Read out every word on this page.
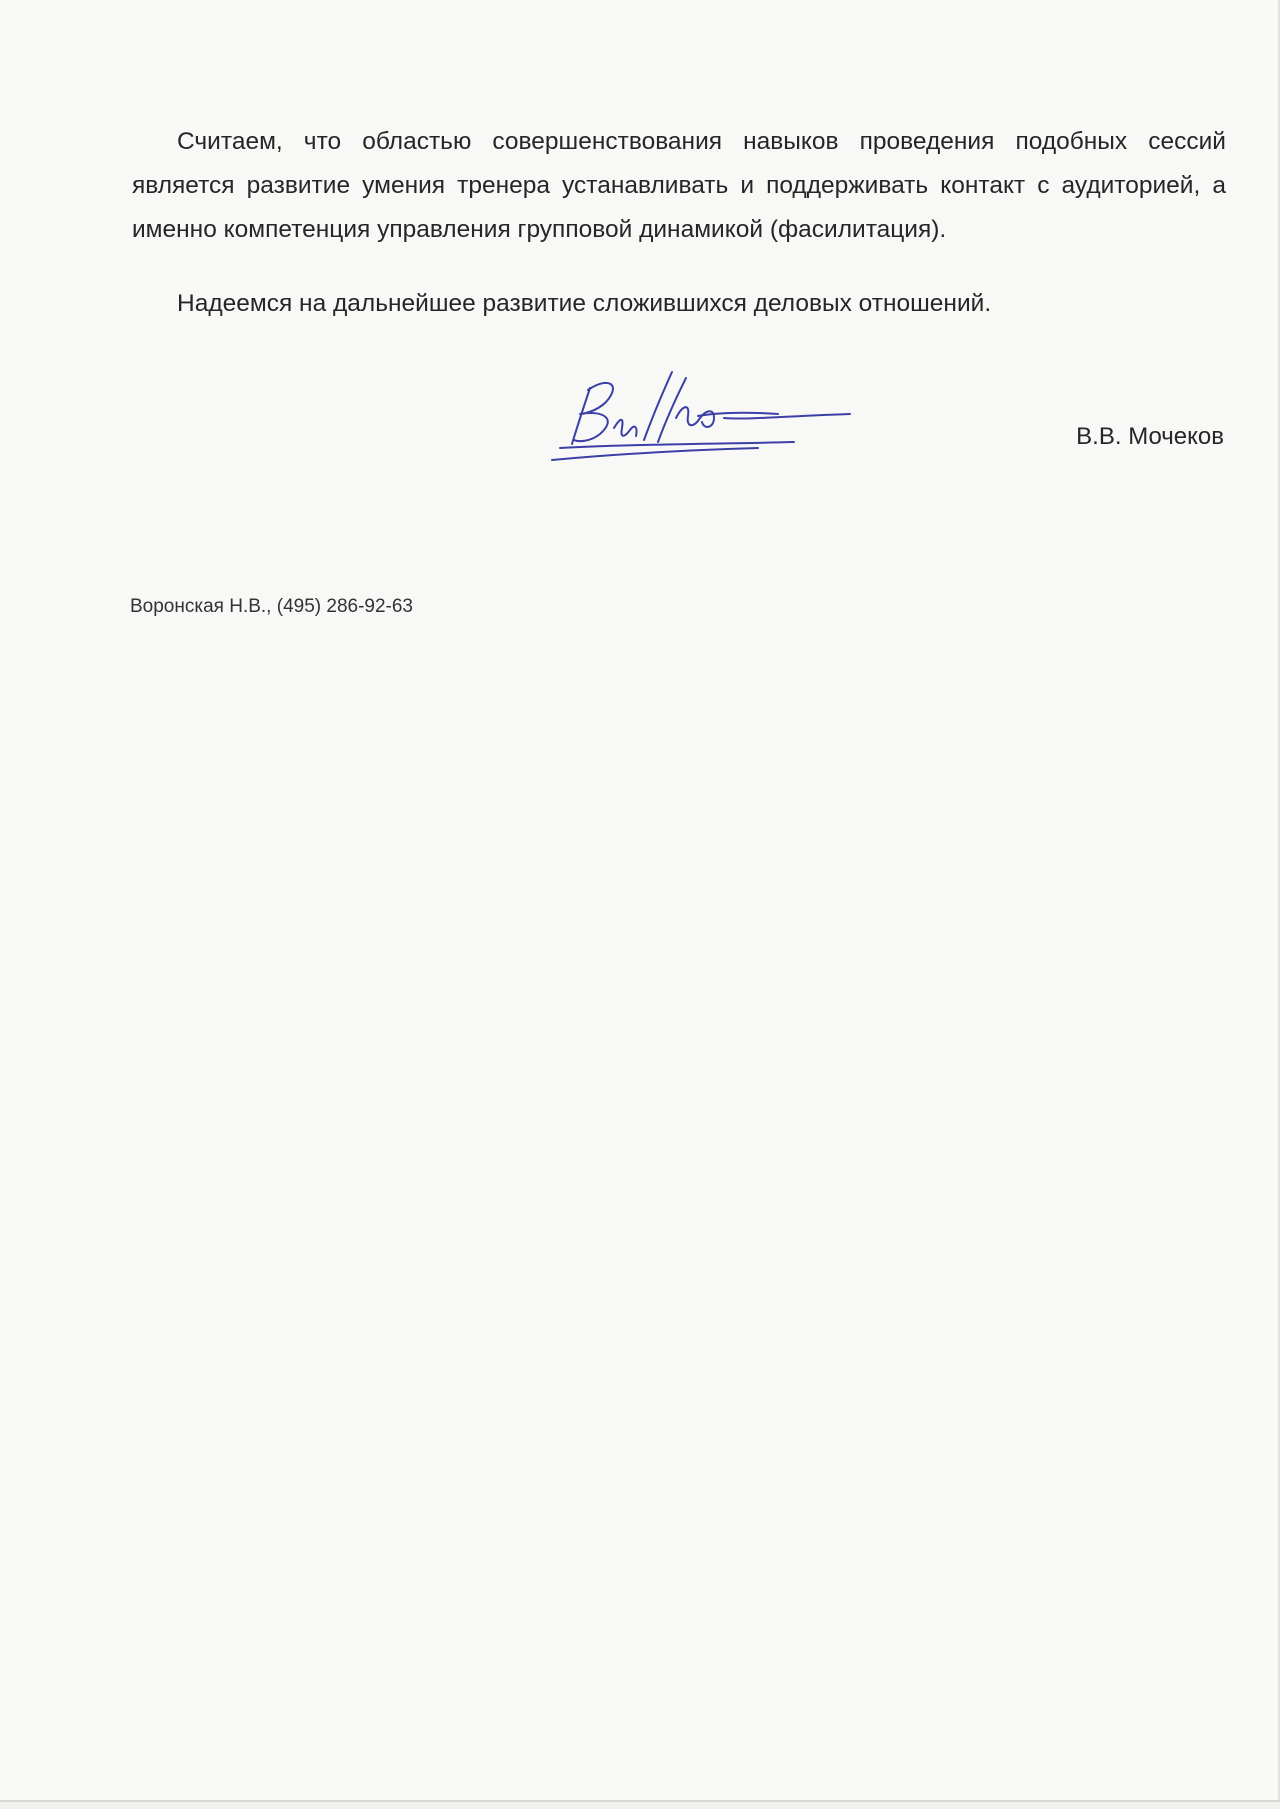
Считаем, что областью совершенствования навыков проведения подобных сессий является развитие умения тренера устанавливать и поддерживать контакт с аудиторией, а именно компетенция управления групповой динамикой (фасилитация).

Надеемся на дальнейшее развитие сложившихся деловых отношений.

В.В. Мочеков
Воронская Н.В., (495) 286-92-63
